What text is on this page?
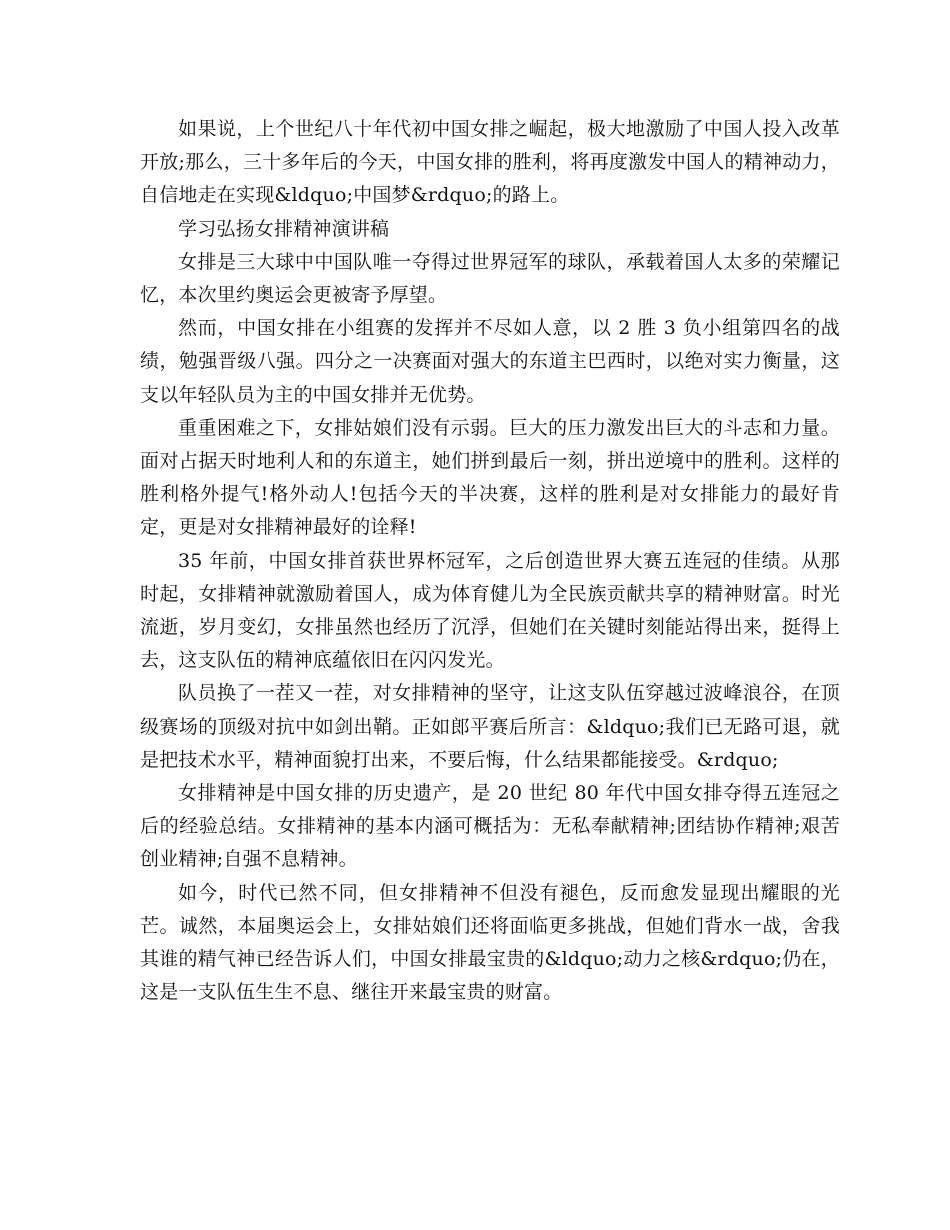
如果说，上个世纪八十年代初中国女排之崛起，极大地激励了中国人投入改革开放;那么，三十多年后的今天，中国女排的胜利，将再度激发中国人的精神动力，自信地走在实现&ldquo;中国梦&rdquo;的路上。

学习弘扬女排精神演讲稿

女排是三大球中中国队唯一夺得过世界冠军的球队，承载着国人太多的荣耀记忆，本次里约奥运会更被寄予厚望。

然而，中国女排在小组赛的发挥并不尽如人意，以 2 胜 3 负小组第四名的战绩，勉强晋级八强。四分之一决赛面对强大的东道主巴西时，以绝对实力衡量，这支以年轻队员为主的中国女排并无优势。

重重困难之下，女排姑娘们没有示弱。巨大的压力激发出巨大的斗志和力量。面对占据天时地利人和的东道主，她们拼到最后一刻，拼出逆境中的胜利。这样的胜利格外提气!格外动人!包括今天的半决赛，这样的胜利是对女排能力的最好肯定，更是对女排精神最好的诠释!

35 年前，中国女排首获世界杯冠军，之后创造世界大赛五连冠的佳绩。从那时起，女排精神就激励着国人，成为体育健儿为全民族贡献共享的精神财富。时光流逝，岁月变幻，女排虽然也经历了沉浮，但她们在关键时刻能站得出来，挺得上去，这支队伍的精神底蕴依旧在闪闪发光。

队员换了一茬又一茬，对女排精神的坚守，让这支队伍穿越过波峰浪谷，在顶级赛场的顶级对抗中如剑出鞘。正如郎平赛后所言：&ldquo;我们已无路可退，就是把技术水平，精神面貌打出来，不要后悔，什么结果都能接受。&rdquo;

女排精神是中国女排的历史遗产，是 20 世纪 80 年代中国女排夺得五连冠之后的经验总结。女排精神的基本内涵可概括为：无私奉献精神;团结协作精神;艰苦创业精神;自强不息精神。

如今，时代已然不同，但女排精神不但没有褪色，反而愈发显现出耀眼的光芒。诚然，本届奥运会上，女排姑娘们还将面临更多挑战，但她们背水一战，舍我其谁的精气神已经告诉人们，中国女排最宝贵的&ldquo;动力之核&rdquo;仍在，这是一支队伍生生不息、继往开来最宝贵的财富。
